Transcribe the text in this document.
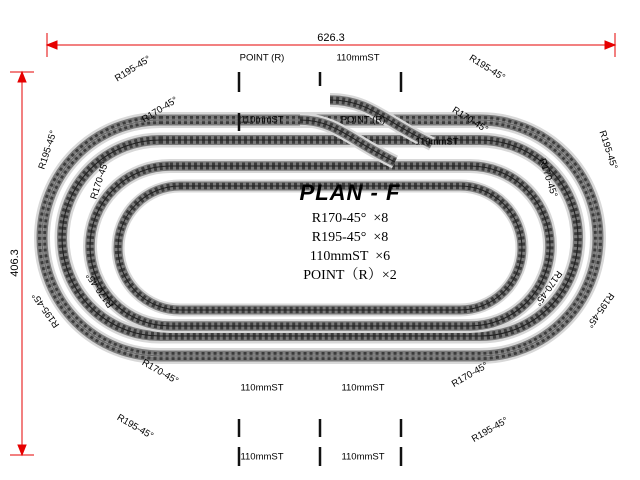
626.3
406.3
PLAN - F
R170-45°  ×8
R195-45°  ×8
110mmST  ×6
POINT（R）×2
R195-45°	POINT (R)	110mmST	R195-45°
R170-45°	110mmST	POINT (R)	R170-45°
110mmST
R195-45°
R170-45°
R195-45°
R170-45°
R170-45°
R195-45°
R170-45°
R195-45°
R170-45°
110mmST	110mmST	R170-45°
R195-45°
110mmST	110mmST
R195-45°
